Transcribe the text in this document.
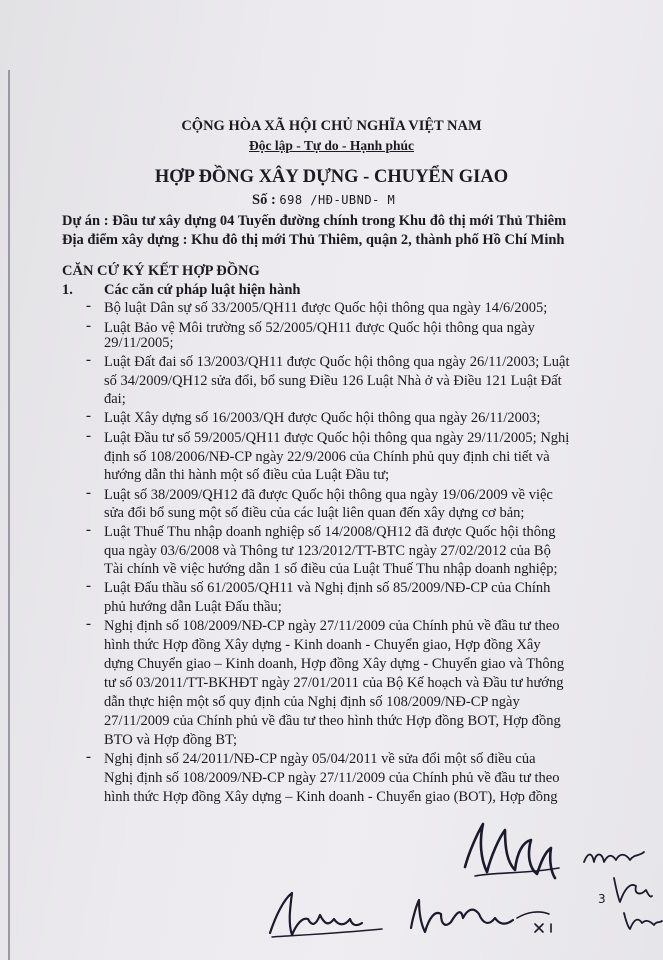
CỘNG HÒA XÃ HỘI CHỦ NGHĨA VIỆT NAM
Độc lập - Tự do - Hạnh phúc
HỢP ĐỒNG XÂY DỰNG - CHUYỂN GIAO
Số : 698 /HĐ-UBND- M
Dự án : Đầu tư xây dựng 04 Tuyến đường chính trong Khu đô thị mới Thủ Thiêm
Địa điểm xây dựng : Khu đô thị mới Thủ Thiêm, quận 2, thành phố Hồ Chí Minh
CĂN CỨ KÝ KẾT HỢP ĐỒNG
1. Các căn cứ pháp luật hiện hành
-
-
-
-
-
-
-
-
-
-
Bộ luật Dân sự số 33/2005/QH11 được Quốc hội thông qua ngày 14/6/2005;
Luật Bảo vệ Môi trường số 52/2005/QH11 được Quốc hội thông qua ngày
29/11/2005;
Luật Đất đai số 13/2003/QH11 được Quốc hội thông qua ngày 26/11/2003; Luật
số 34/2009/QH12 sửa đổi, bổ sung Điều 126 Luật Nhà ở và Điều 121 Luật Đất
đai;
Luật Xây dựng số 16/2003/QH được Quốc hội thông qua ngày 26/11/2003;
Luật Đầu tư số 59/2005/QH11 được Quốc hội thông qua ngày 29/11/2005; Nghị
định số 108/2006/NĐ-CP ngày 22/9/2006 của Chính phủ quy định chi tiết và
hướng dẫn thi hành một số điều của Luật Đầu tư;
Luật số 38/2009/QH12 đã được Quốc hội thông qua ngày 19/06/2009 về việc
sửa đổi bổ sung một số điều của các luật liên quan đến xây dựng cơ bản;
Luật Thuế Thu nhập doanh nghiệp số 14/2008/QH12 đã được Quốc hội thông
qua ngày 03/6/2008 và Thông tư 123/2012/TT-BTC ngày 27/02/2012 của Bộ
Tài chính về việc hướng dẫn 1 số điều của Luật Thuế Thu nhập doanh nghiệp;
Luật Đấu thầu số 61/2005/QH11 và Nghị định số 85/2009/NĐ-CP của Chính
phủ hướng dẫn Luật Đấu thầu;
Nghị định số 108/2009/NĐ-CP ngày 27/11/2009 của Chính phủ về đầu tư theo
hình thức Hợp đồng Xây dựng - Kinh doanh - Chuyển giao, Hợp đồng Xây
dựng Chuyển giao – Kinh doanh, Hợp đồng Xây dựng - Chuyển giao và Thông
tư số 03/2011/TT-BKHĐT ngày 27/01/2011 của Bộ Kế hoạch và Đầu tư hướng
dẫn thực hiện một số quy định của Nghị định số 108/2009/NĐ-CP ngày
27/11/2009 của Chính phủ về đầu tư theo hình thức Hợp đồng BOT, Hợp đồng
BTO và Hợp đồng BT;
Nghị định số 24/2011/NĐ-CP ngày 05/04/2011 về sửa đổi một số điều của
Nghị định số 108/2009/NĐ-CP ngày 27/11/2009 của Chính phủ về đầu tư theo
hình thức Hợp đồng Xây dựng – Kinh doanh - Chuyển giao (BOT), Hợp đồng
3
